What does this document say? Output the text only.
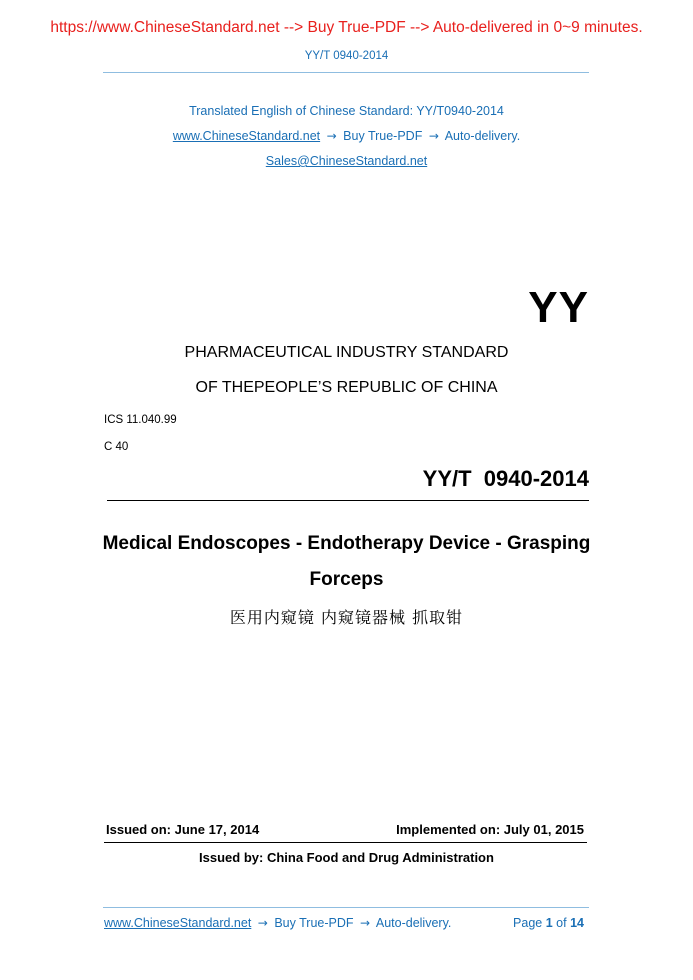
https://www.ChineseStandard.net --> Buy True-PDF --> Auto-delivered in 0~9 minutes.
YY/T 0940-2014
Translated English of Chinese Standard: YY/T0940-2014
www.ChineseStandard.net → Buy True-PDF → Auto-delivery.
Sales@ChineseStandard.net
YY
PHARMACEUTICAL INDUSTRY STANDARD
OF THEPEOPLE’S REPUBLIC OF CHINA
ICS 11.040.99
C 40
YY/T  0940-2014
Medical Endoscopes - Endotherapy Device - Grasping
Forceps
医用内窥镜 内窥镜器械 抓取钳
Issued on: June 17, 2014	Implemented on: July 01, 2015
Issued by: China Food and Drug Administration
www.ChineseStandard.net → Buy True-PDF → Auto-delivery.	Page 1 of 14
